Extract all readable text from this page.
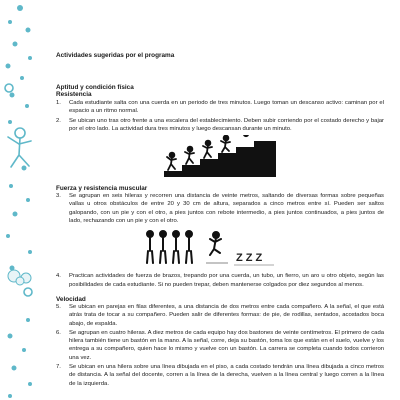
Actividades sugeridas por el programa
Aptitud y condición física
Resistencia
1. Cada estudiante salta con una cuerda en un periodo de tres minutos. Luego toman un descanso activo: caminan por el espacio a un ritmo normal.
2. Se ubican uno tras otro frente a una escalera del establecimiento. Deben subir corriendo por el costado derecho y bajar por el otro lado. La actividad dura tres minutos y luego descansan durante un minuto.
Fuerza y resistencia muscular
3. Se agrupan en seis hileras y recorren una distancia de veinte metros, saltando de diversas formas sobre pequeñas vallas u otros obstáculos de entre 20 y 30 cm de altura, separados a cinco metros entre sí. Pueden ser saltos galopando, con un pie y con el otro, a pies juntos con rebote intermedio, a pies juntos continuados, a pies juntos de lado, rechazando con un pie y con el otro.
Z Z Z
4. Practican actividades de fuerza de brazos, trepando por una cuerda, un tubo, un fierro, un aro u otro objeto, según las posibilidades de cada estudiante. Si no pueden trepar, deben mantenerse colgados por diez segundos al menos.
Velocidad
5. Se ubican en parejas en filas diferentes, a una distancia de dos metros entre cada compañero. A la señal, el que está atrás trata de tocar a su compañero. Pueden salir de diferentes formas: de pie, de rodillas, sentados, acostados boca abajo, de espalda.
6. Se agrupan en cuatro hileras. A diez metros de cada equipo hay dos bastones de veinte centímetros. El primero de cada hilera también tiene un bastón en la mano. A la señal, corre, deja su bastón, toma los que están en el suelo, vuelve y los entrega a su compañero, quien hace lo mismo y vuelve con un bastón. La carrera se completa cuando todos corrieron una vez.
7. Se ubican en una hilera sobre una línea dibujada en el piso, a cada costado tendrán una línea dibujada a cinco metros de distancia. A la señal del docente, corren a la línea de la derecha, vuelven a la línea central y luego corren a la línea de la izquierda.
